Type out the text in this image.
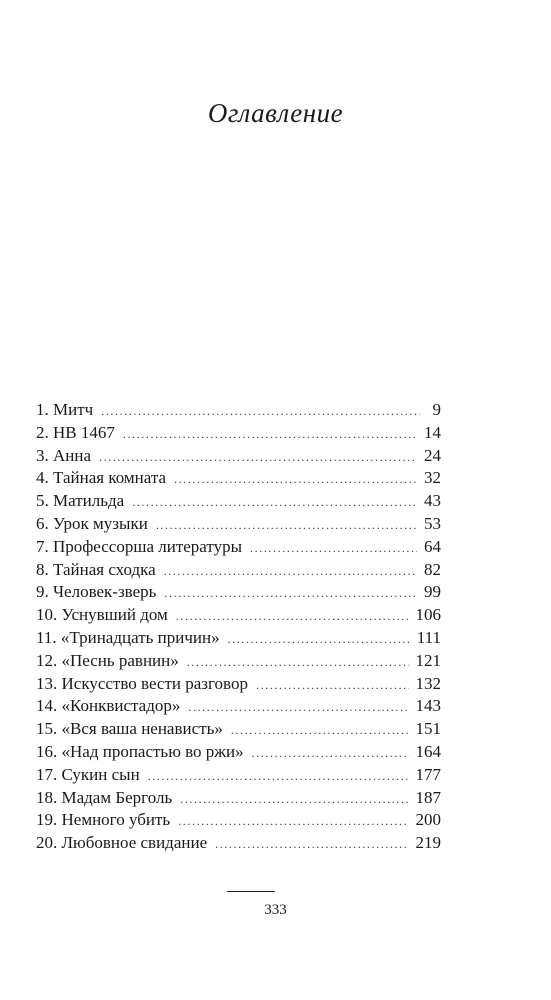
Оглавление
1. Митч .....	9
2. HB 1467 .....	14
3. Анна .....	24
4. Тайная комната .....	32
5. Матильда .....	43
6. Урок музыки .....	53
7. Профессорша литературы .....	64
8. Тайная сходка .....	82
9. Человек-зверь .....	99
10. Уснувший дом .....	106
11. «Тринадцать причин» .....	111
12. «Песнь равнин» .....	121
13. Искусство вести разговор .....	132
14. «Конквистадор» .....	143
15. «Вся ваша ненависть» .....	151
16. «Над пропастью во ржи» .....	164
17. Сукин сын .....	177
18. Мадам Берголь .....	187
19. Немного убить .....	200
20. Любовное свидание .....	219
333
